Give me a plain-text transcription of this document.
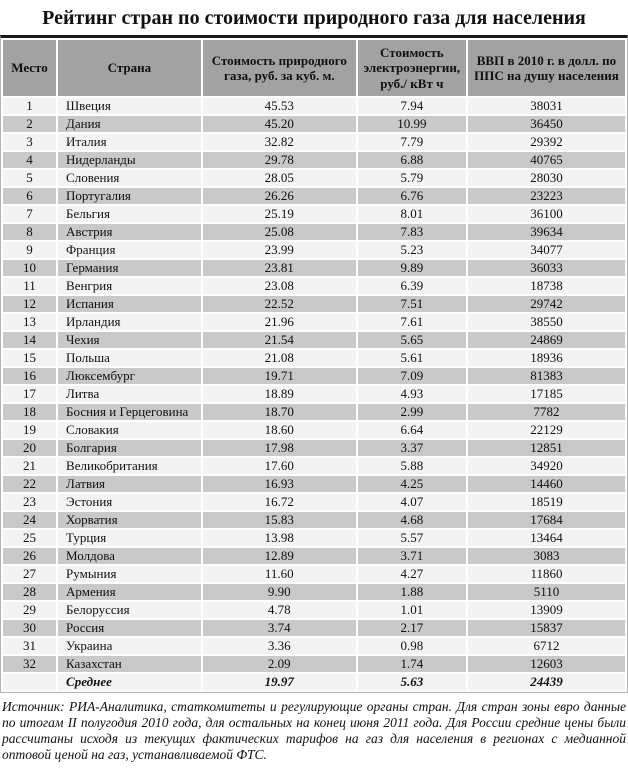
Рейтинг стран по стоимости природного газа для населения
Место	Страна	Стоимость природного газа, руб. за куб. м.	Стоимость электроэнергии, руб./ кВт ч	ВВП в 2010 г. в долл. по ППС на душу населения
1	Швеция	45.53	7.94	38031
2	Дания	45.20	10.99	36450
3	Италия	32.82	7.79	29392
4	Нидерланды	29.78	6.88	40765
5	Словения	28.05	5.79	28030
6	Португалия	26.26	6.76	23223
7	Бельгия	25.19	8.01	36100
8	Австрия	25.08	7.83	39634
9	Франция	23.99	5.23	34077
10	Германия	23.81	9.89	36033
11	Венгрия	23.08	6.39	18738
12	Испания	22.52	7.51	29742
13	Ирландия	21.96	7.61	38550
14	Чехия	21.54	5.65	24869
15	Польша	21.08	5.61	18936
16	Люксембург	19.71	7.09	81383
17	Литва	18.89	4.93	17185
18	Босния и Герцеговина	18.70	2.99	7782
19	Словакия	18.60	6.64	22129
20	Болгария	17.98	3.37	12851
21	Великобритания	17.60	5.88	34920
22	Латвия	16.93	4.25	14460
23	Эстония	16.72	4.07	18519
24	Хорватия	15.83	4.68	17684
25	Турция	13.98	5.57	13464
26	Молдова	12.89	3.71	3083
27	Румыния	11.60	4.27	11860
28	Армения	9.90	1.88	5110
29	Белоруссия	4.78	1.01	13909
30	Россия	3.74	2.17	15837
31	Украина	3.36	0.98	6712
32	Казахстан	2.09	1.74	12603
	Среднее	19.97	5.63	24439

Источник: РИА-Аналитика, статкомитеты и регулирующие органы стран. Для стран зоны евро данные по итогам II полугодия 2010 года, для остальных на конец июня 2011 года. Для России средние цены были рассчитаны исходя из текущих фактических тарифов на газ для населения в регионах с медианной оптовой ценой на газ, устанавливаемой ФТС.
